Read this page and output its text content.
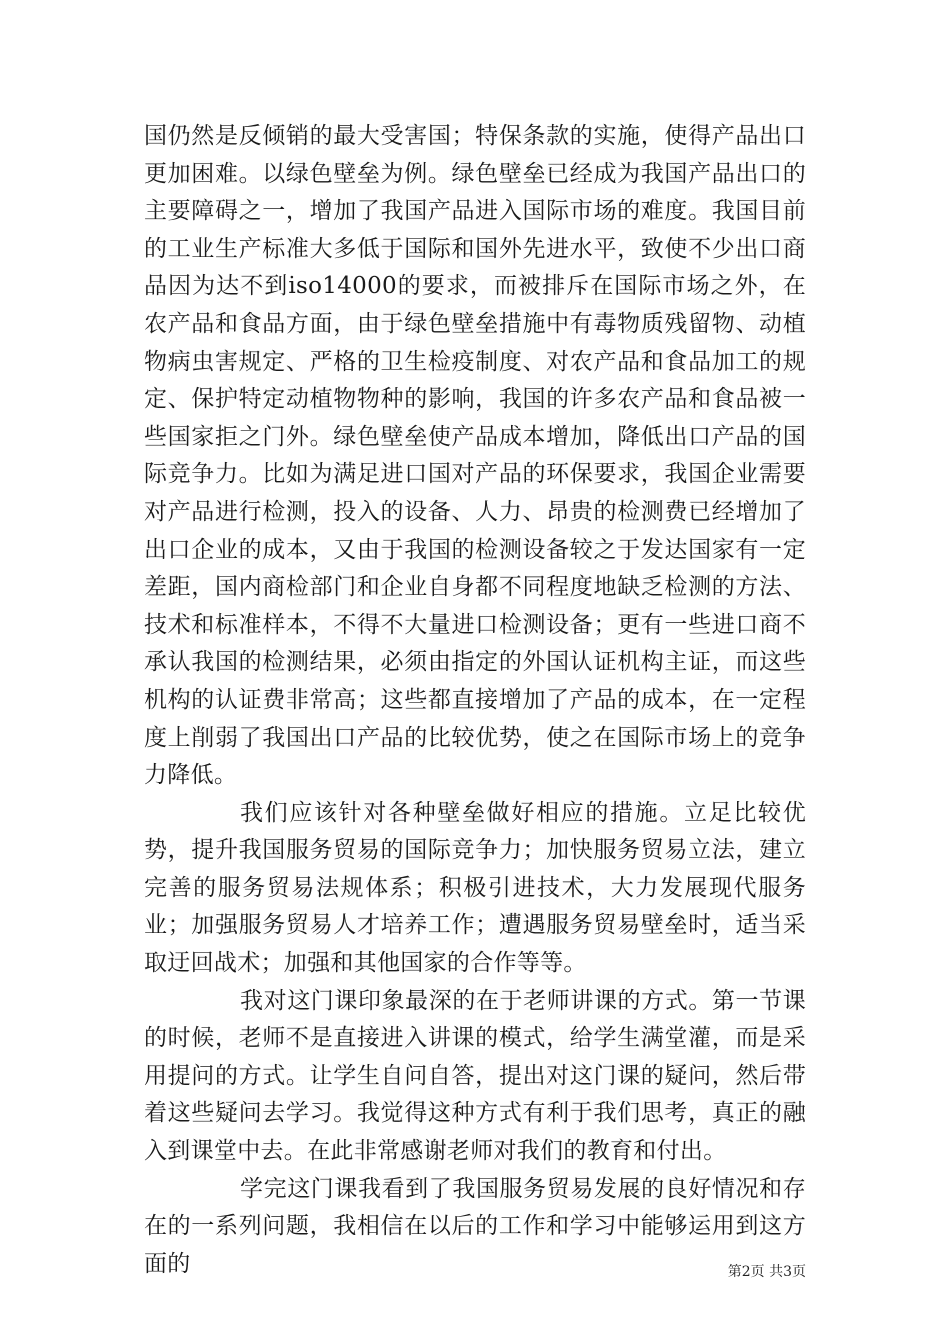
国仍然是反倾销的最大受害国；特保条款的实施，使得产品出口更加困难。以绿色壁垒为例。绿色壁垒已经成为我国产品出口的主要障碍之一，增加了我国产品进入国际市场的难度。我国目前的工业生产标准大多低于国际和国外先进水平，致使不少出口商品因为达不到iso14000的要求，而被排斥在国际市场之外，在农产品和食品方面，由于绿色壁垒措施中有毒物质残留物、动植物病虫害规定、严格的卫生检疫制度、对农产品和食品加工的规定、保护特定动植物物种的影响，我国的许多农产品和食品被一些国家拒之门外。绿色壁垒使产品成本增加，降低出口产品的国际竞争力。比如为满足进口国对产品的环保要求，我国企业需要对产品进行检测，投入的设备、人力、昂贵的检测费已经增加了出口企业的成本，又由于我国的检测设备较之于发达国家有一定差距，国内商检部门和企业自身都不同程度地缺乏检测的方法、技术和标准样本，不得不大量进口检测设备；更有一些进口商不承认我国的检测结果，必须由指定的外国认证机构主证，而这些机构的认证费非常高；这些都直接增加了产品的成本，在一定程度上削弱了我国出口产品的比较优势，使之在国际市场上的竞争力降低。

我们应该针对各种壁垒做好相应的措施。立足比较优势，提升我国服务贸易的国际竞争力；加快服务贸易立法，建立完善的服务贸易法规体系；积极引进技术，大力发展现代服务业；加强服务贸易人才培养工作；遭遇服务贸易壁垒时，适当采取迂回战术；加强和其他国家的合作等等。

我对这门课印象最深的在于老师讲课的方式。第一节课的时候，老师不是直接进入讲课的模式，给学生满堂灌，而是采用提问的方式。让学生自问自答，提出对这门课的疑问，然后带着这些疑问去学习。我觉得这种方式有利于我们思考，真正的融入到课堂中去。在此非常感谢老师对我们的教育和付出。

学完这门课我看到了我国服务贸易发展的良好情况和存在的一系列问题，我相信在以后的工作和学习中能够运用到这方面的	第2页 共3页
